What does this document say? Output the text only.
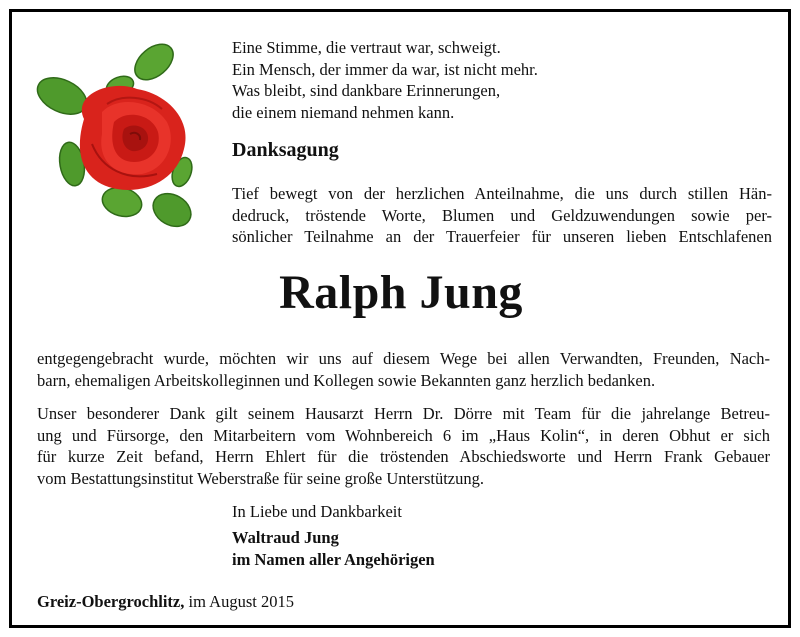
Eine Stimme, die vertraut war, schweigt.
Ein Mensch, der immer da war, ist nicht mehr.
Was bleibt, sind dankbare Erinnerungen,
die einem niemand nehmen kann.
Danksagung
Tief bewegt von der herzlichen Anteilnahme, die uns durch stillen Hän-
dedruck, tröstende Worte, Blumen und Geldzuwendungen sowie per-
sönlicher Teilnahme an der Trauerfeier für unseren lieben Entschlafenen
Ralph Jung
entgegengebracht wurde, möchten wir uns auf diesem Wege bei allen Verwandten, Freunden, Nach-
barn, ehemaligen Arbeitskolleginnen und Kollegen sowie Bekannten ganz herzlich bedanken.
Unser besonderer Dank gilt seinem Hausarzt Herrn Dr. Dörre mit Team für die jahrelange Betreu-
ung und Fürsorge, den Mitarbeitern vom Wohnbereich 6 im „Haus Kolin“, in deren Obhut er sich
für kurze Zeit befand, Herrn Ehlert für die tröstenden Abschiedsworte und Herrn Frank Gebauer
vom Bestattungsinstitut Weberstraße für seine große Unterstützung.
In Liebe und Dankbarkeit
Waltraud Jung
im Namen aller Angehörigen
Greiz-Obergrochlitz, im August 2015
